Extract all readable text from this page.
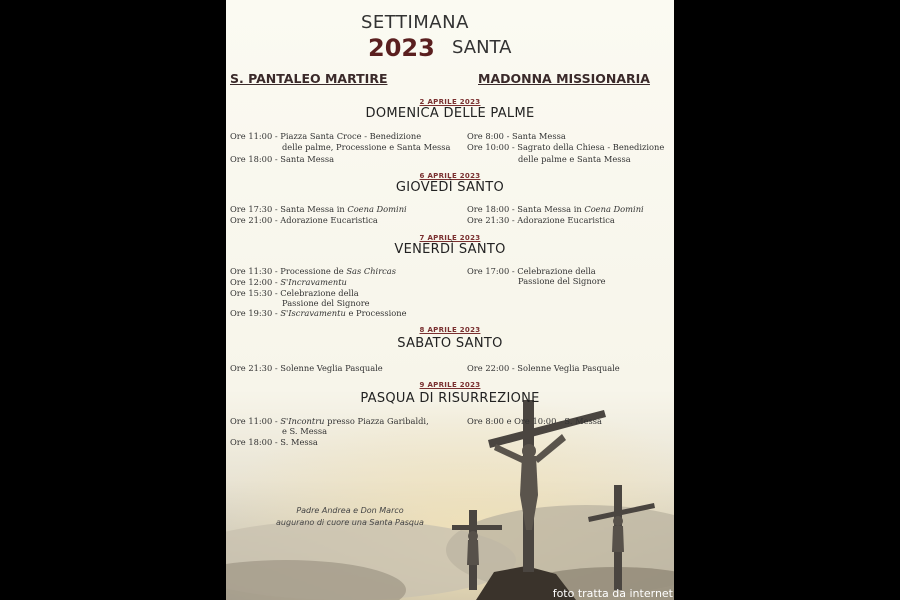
SETTIMANA
2023 SANTA
S. PANTALEO MARTIRE	MADONNA MISSIONARIA
2 APRILE 2023
DOMENICA DELLE PALME
Ore 11:00 - Piazza Santa Croce - Benedizione
delle palme, Processione e Santa Messa
Ore 18:00 - Santa Messa
Ore 8:00 - Santa Messa
Ore 10:00 - Sagrato della Chiesa - Benedizione
delle palme e Santa Messa
6 APRILE 2023
GIOVEDÌ SANTO
Ore 17:30 - Santa Messa in Coena Domini
Ore 21:00 - Adorazione Eucaristica
Ore 18:00 - Santa Messa in Coena Domini
Ore 21:30 - Adorazione Eucaristica
7 APRILE 2023
VENERDÌ SANTO
Ore 11:30 - Processione de Sas Chircas
Ore 12:00 - S'Incravamentu
Ore 15:30 - Celebrazione della
Passione del Signore
Ore 19:30 - S'Iscravamentu e Processione
Ore 17:00 - Celebrazione della
Passione del Signore
8 APRILE 2023
SABATO SANTO
Ore 21:30 - Solenne Veglia Pasquale	Ore 22:00 - Solenne Veglia Pasquale
9 APRILE 2023
PASQUA DI RISURREZIONE
Ore 11:00 - S'Incontru presso Piazza Garibaldi,
e S. Messa
Ore 18:00 - S. Messa
Ore 8:00 e Ore 10:00 - S. Messa
Padre Andrea e Don Marco
augurano di cuore una Santa Pasqua
foto tratta da internet
